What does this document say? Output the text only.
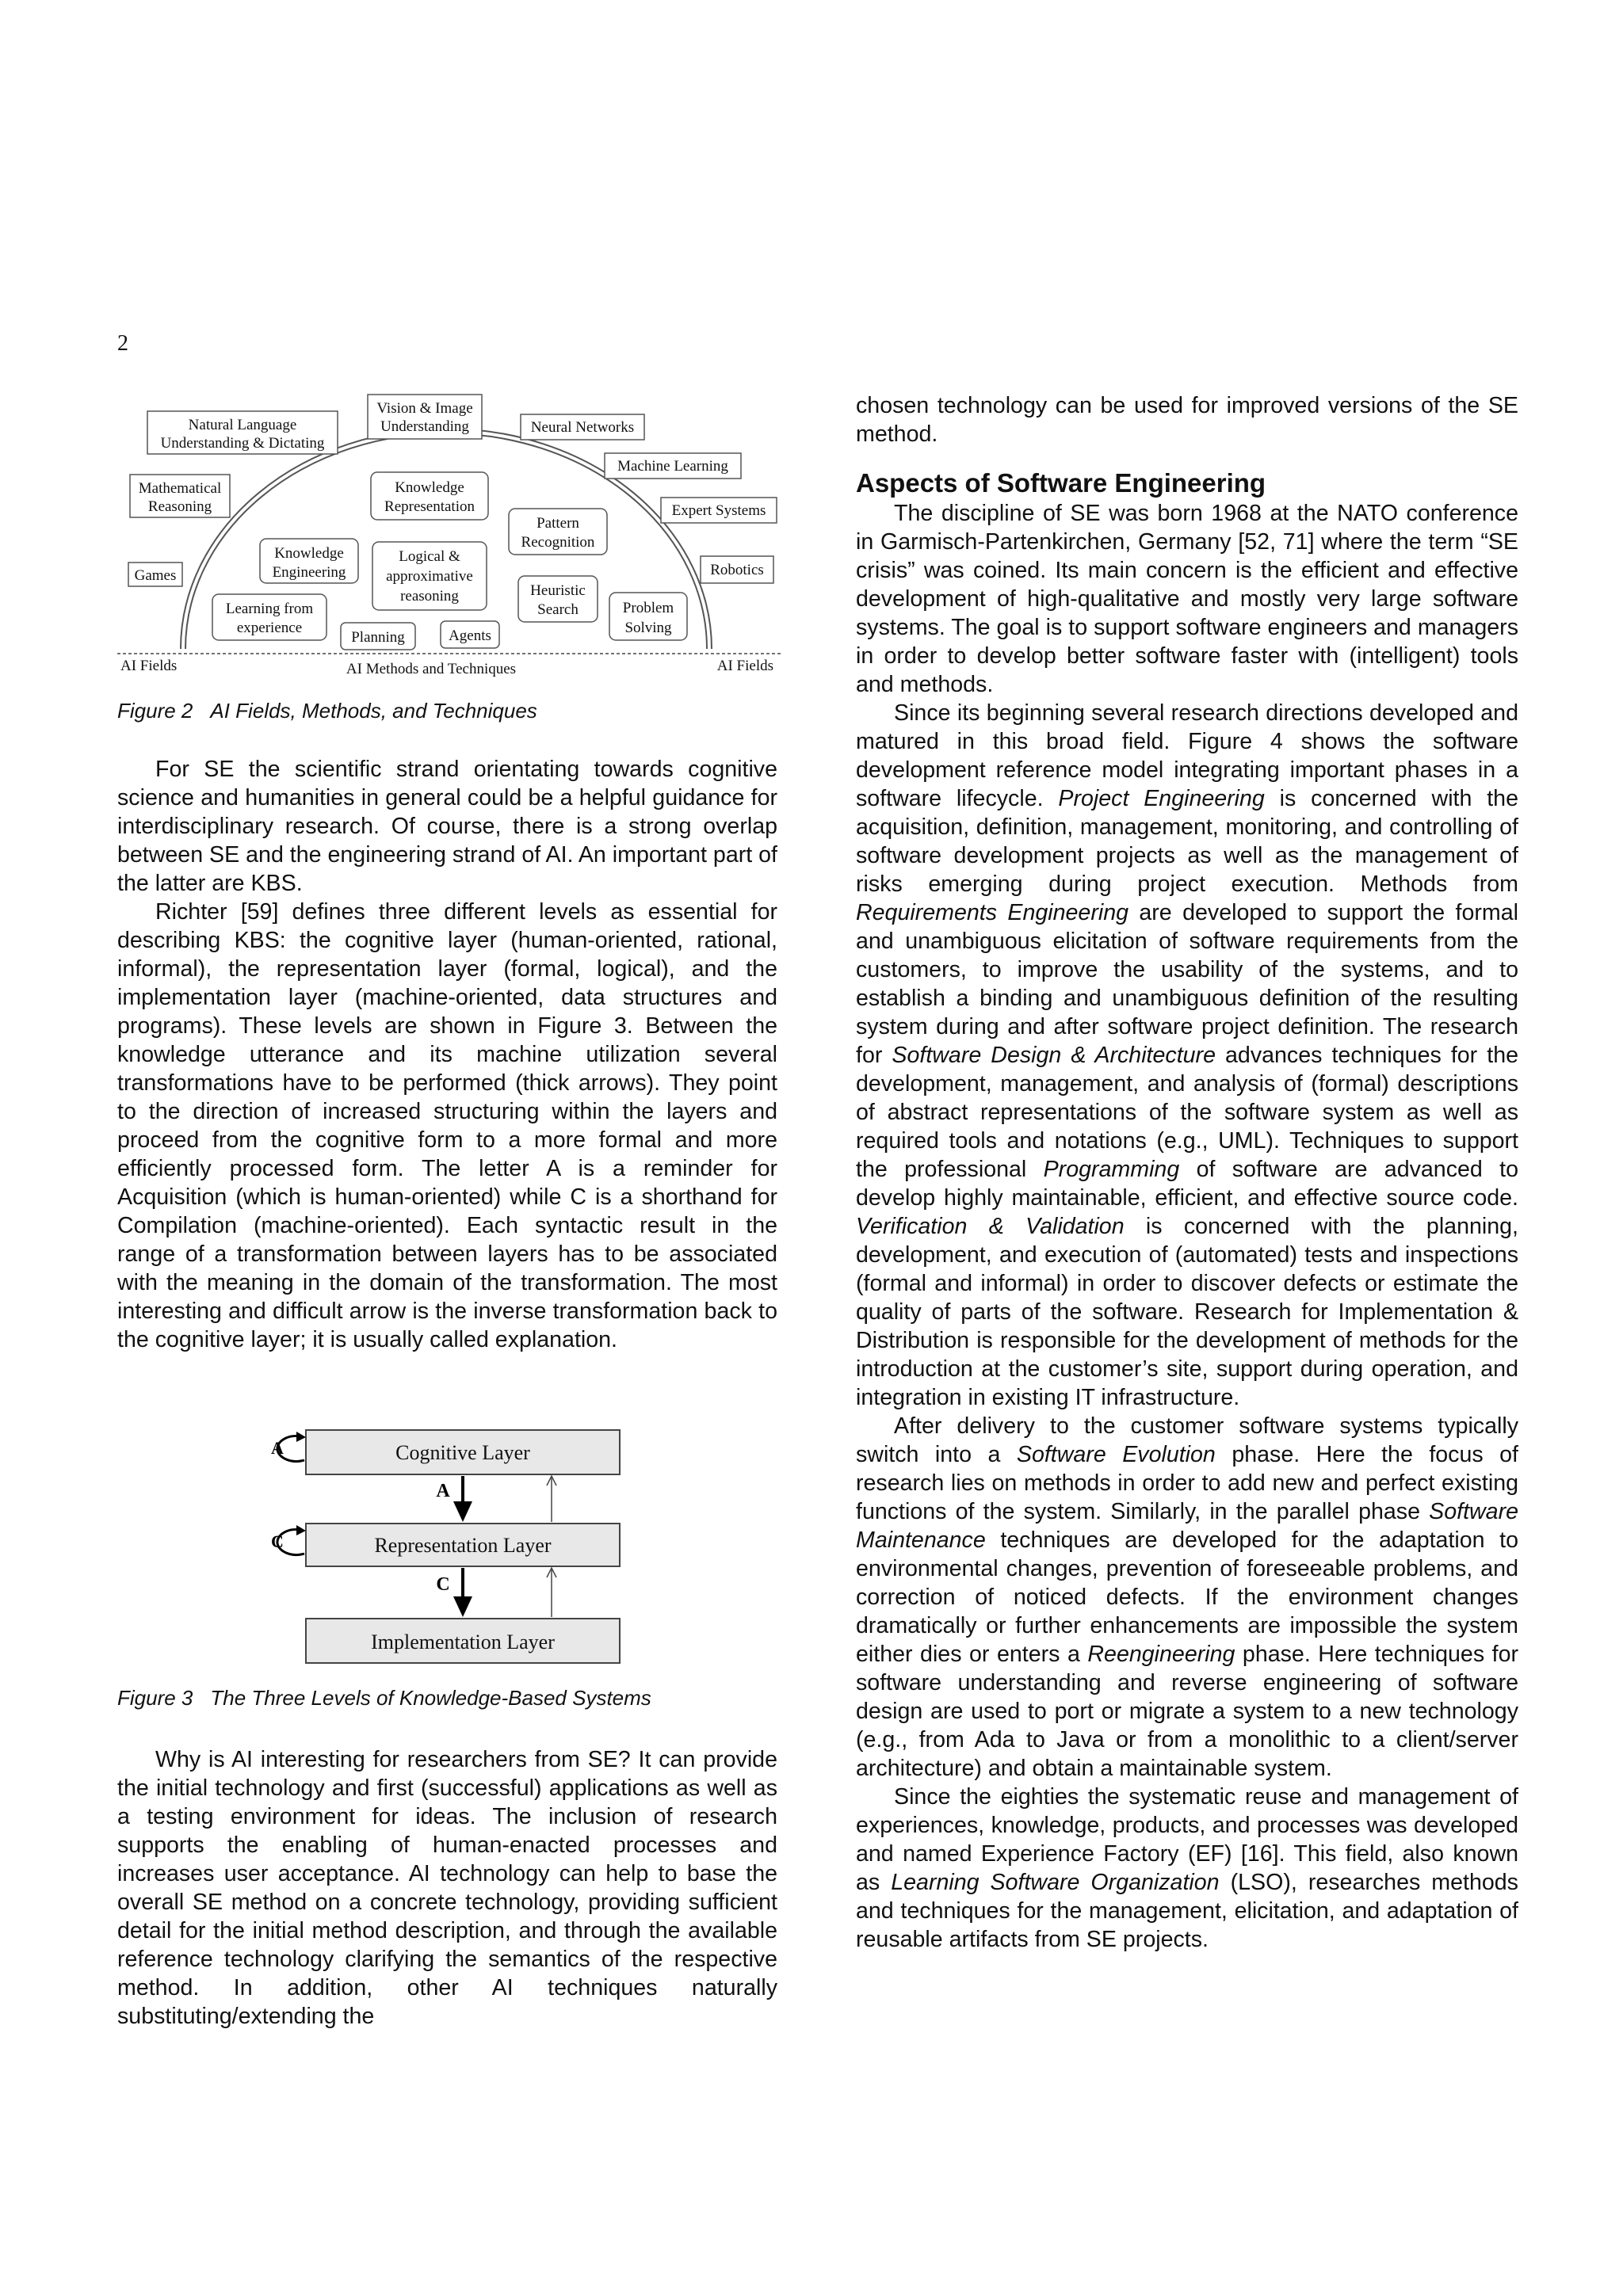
2
Natural Language
Understanding & Dictating
Vision & Image
Understanding	Neural Networks
Machine Learning
Mathematical
Reasoning	Expert Systems
Games	Robotics
Knowledge
Representation
Pattern
Recognition
Knowledge
Engineering
Logical &
approximative
reasoning	Heuristic
Search
Learning from
experience
Problem
Solving
Planning	Agents
AI Fields	AI Methods and Techniques	AI Fields
Figure 2 AI Fields, Methods, and Techniques

For SE the scientific strand orientating towards cognitive science and humanities in general could be a helpful guidance for interdisciplinary research. Of course, there is a strong overlap between SE and the engineering strand of AI. An important part of the latter are KBS.

Richter [59] defines three different levels as essential for describing KBS: the cognitive layer (human-oriented, rational, informal), the representation layer (formal, logical), and the implementation layer (machine-oriented, data structures and programs). These levels are shown in Figure 3. Between the knowledge utterance and its machine utilization several transformations have to be performed (thick arrows). They point to the direction of increased structuring within the layers and proceed from the cognitive form to a more formal and more efficiently processed form. The letter A is a reminder for Acquisition (which is human-oriented) while C is a shorthand for Compilation (machine-oriented). Each syntactic result in the range of a transformation between layers has to be associated with the meaning in the domain of the transformation. The most interesting and difficult arrow is the inverse transformation back to the cognitive layer; it is usually called explanation.

Cognitive Layer
Representation Layer
Implementation Layer
A
C
A
C
Figure 3 The Three Levels of Knowledge-Based Systems

Why is AI interesting for researchers from SE? It can provide the initial technology and first (successful) applications as well as a testing environment for ideas. The inclusion of research supports the enabling of human-enacted processes and increases user acceptance. AI technology can help to base the overall SE method on a concrete technology, providing sufficient detail for the initial method description, and through the available reference technology clarifying the semantics of the respective method. In addition, other AI techniques naturally substituting/extending the

chosen technology can be used for improved versions of the SE method.

Aspects of Software Engineering

The discipline of SE was born 1968 at the NATO conference in Garmisch-Partenkirchen, Germany [52, 71] where the term “SE crisis” was coined. Its main concern is the efficient and effective development of high-qualitative and mostly very large software systems. The goal is to support software engineers and managers in order to develop better software faster with (intelligent) tools and methods.

Since its beginning several research directions developed and matured in this broad field. Figure 4 shows the software development reference model integrating important phases in a software lifecycle. Project Engineering is concerned with the acquisition, definition, management, monitoring, and controlling of software development projects as well as the management of risks emerging during project execution. Methods from Requirements Engineering are developed to support the formal and unambiguous elicitation of software requirements from the customers, to improve the usability of the systems, and to establish a binding and unambiguous definition of the resulting system during and after software project definition. The research for Software Design & Architecture advances techniques for the development, management, and analysis of (formal) descriptions of abstract representations of the software system as well as required tools and notations (e.g., UML). Techniques to support the professional Programming of software are advanced to develop highly maintainable, efficient, and effective source code. Verification & Validation is concerned with the planning, development, and execution of (automated) tests and inspections (formal and informal) in order to discover defects or estimate the quality of parts of the software. Research for Implementation & Distribution is responsible for the development of methods for the introduction at the customer’s site, support during operation, and integration in existing IT infrastructure.

After delivery to the customer software systems typically switch into a Software Evolution phase. Here the focus of research lies on methods in order to add new and perfect existing functions of the system. Similarly, in the parallel phase Software Maintenance techniques are developed for the adaptation to environmental changes, prevention of foreseeable problems, and correction of noticed defects. If the environment changes dramatically or further enhancements are impossible the system either dies or enters a Reengineering phase. Here techniques for software understanding and reverse engineering of software design are used to port or migrate a system to a new technology (e.g., from Ada to Java or from a monolithic to a client/server architecture) and obtain a maintainable system.

Since the eighties the systematic reuse and management of experiences, knowledge, products, and processes was developed and named Experience Factory (EF) [16]. This field, also known as Learning Software Organization (LSO), researches methods and techniques for the management, elicitation, and adaptation of reusable artifacts from SE projects.
